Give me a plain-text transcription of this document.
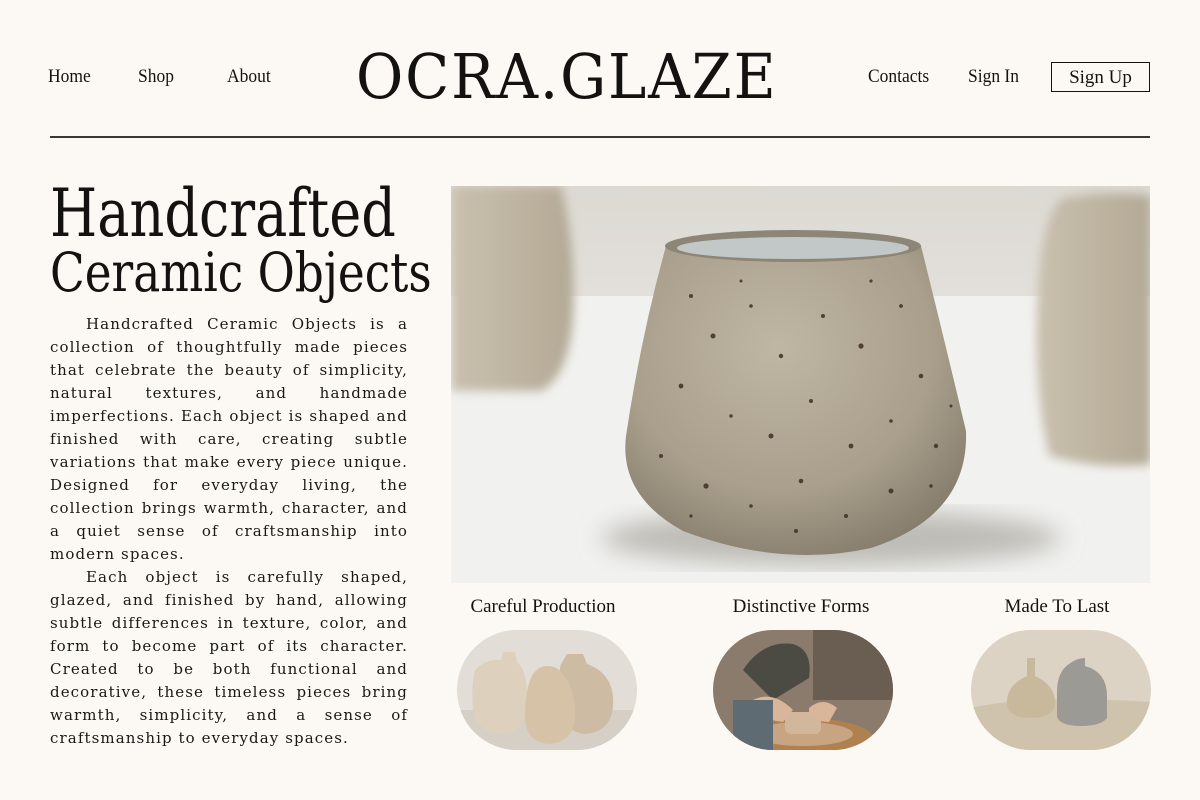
Home Shop	About OCRA.GLAZE	Contacts Sign In	Sign Up
Handcrafted
Ceramic Objects

Handcrafted Ceramic Objects is a collection of thoughtfully made pieces that celebrate the beauty of simplicity, natural textures, and handmade imperfections. Each object is shaped and finished with care, creating subtle variations that make every piece unique. Designed for everyday living, the collection brings warmth, character, and a quiet sense of craftsmanship into modern spaces.

Each object is carefully shaped, glazed, and finished by hand, allowing subtle differences in texture, color, and form to become part of its character. Created to be both functional and decorative, these timeless pieces bring warmth, simplicity, and a sense of craftsmanship to everyday spaces.

Careful Production	Distinctive Forms	Made To Last
